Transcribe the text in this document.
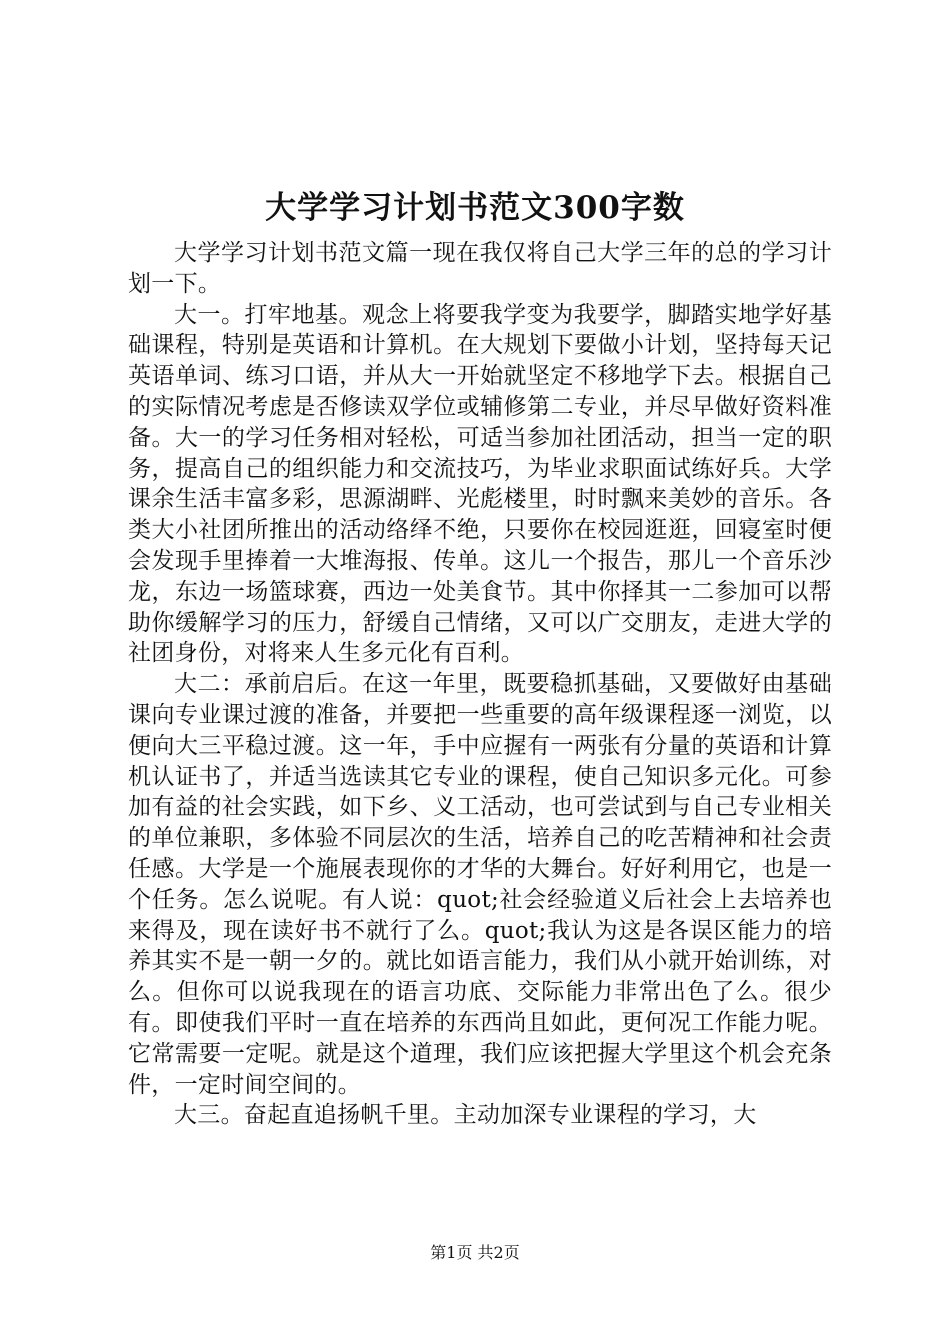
大学学习计划书范文300字数

大学学习计划书范文篇一现在我仅将自己大学三年的总的学习计划一下。

大一。打牢地基。观念上将要我学变为我要学，脚踏实地学好基础课程，特别是英语和计算机。在大规划下要做小计划，坚持每天记英语单词、练习口语，并从大一开始就坚定不移地学下去。根据自己的实际情况考虑是否修读双学位或辅修第二专业，并尽早做好资料准备。大一的学习任务相对轻松，可适当参加社团活动，担当一定的职务，提高自己的组织能力和交流技巧，为毕业求职面试练好兵。大学课余生活丰富多彩，思源湖畔、光彪楼里，时时飘来美妙的音乐。各类大小社团所推出的活动络绎不绝，只要你在校园逛逛，回寝室时便会发现手里捧着一大堆海报、传单。这儿一个报告，那儿一个音乐沙龙，东边一场篮球赛，西边一处美食节。其中你择其一二参加可以帮助你缓解学习的压力，舒缓自己情绪，又可以广交朋友，走进大学的社团身份，对将来人生多元化有百利。

大二：承前启后。在这一年里，既要稳抓基础，又要做好由基础课向专业课过渡的准备，并要把一些重要的高年级课程逐一浏览，以便向大三平稳过渡。这一年，手中应握有一两张有分量的英语和计算机认证书了，并适当选读其它专业的课程，使自己知识多元化。可参加有益的社会实践，如下乡、义工活动，也可尝试到与自己专业相关的单位兼职，多体验不同层次的生活，培养自己的吃苦精神和社会责任感。大学是一个施展表现你的才华的大舞台。好好利用它，也是一个任务。怎么说呢。有人说：quot;社会经验道义后社会上去培养也来得及，现在读好书不就行了么。quot;我认为这是各误区能力的培养其实不是一朝一夕的。就比如语言能力，我们从小就开始训练，对么。但你可以说我现在的语言功底、交际能力非常出色了么。很少有。即使我们平时一直在培养的东西尚且如此，更何况工作能力呢。它常需要一定呢。就是这个道理，我们应该把握大学里这个机会充条件，一定时间空间的。

大三。奋起直追扬帆千里。主动加深专业课程的学习，大

第1页 共2页
